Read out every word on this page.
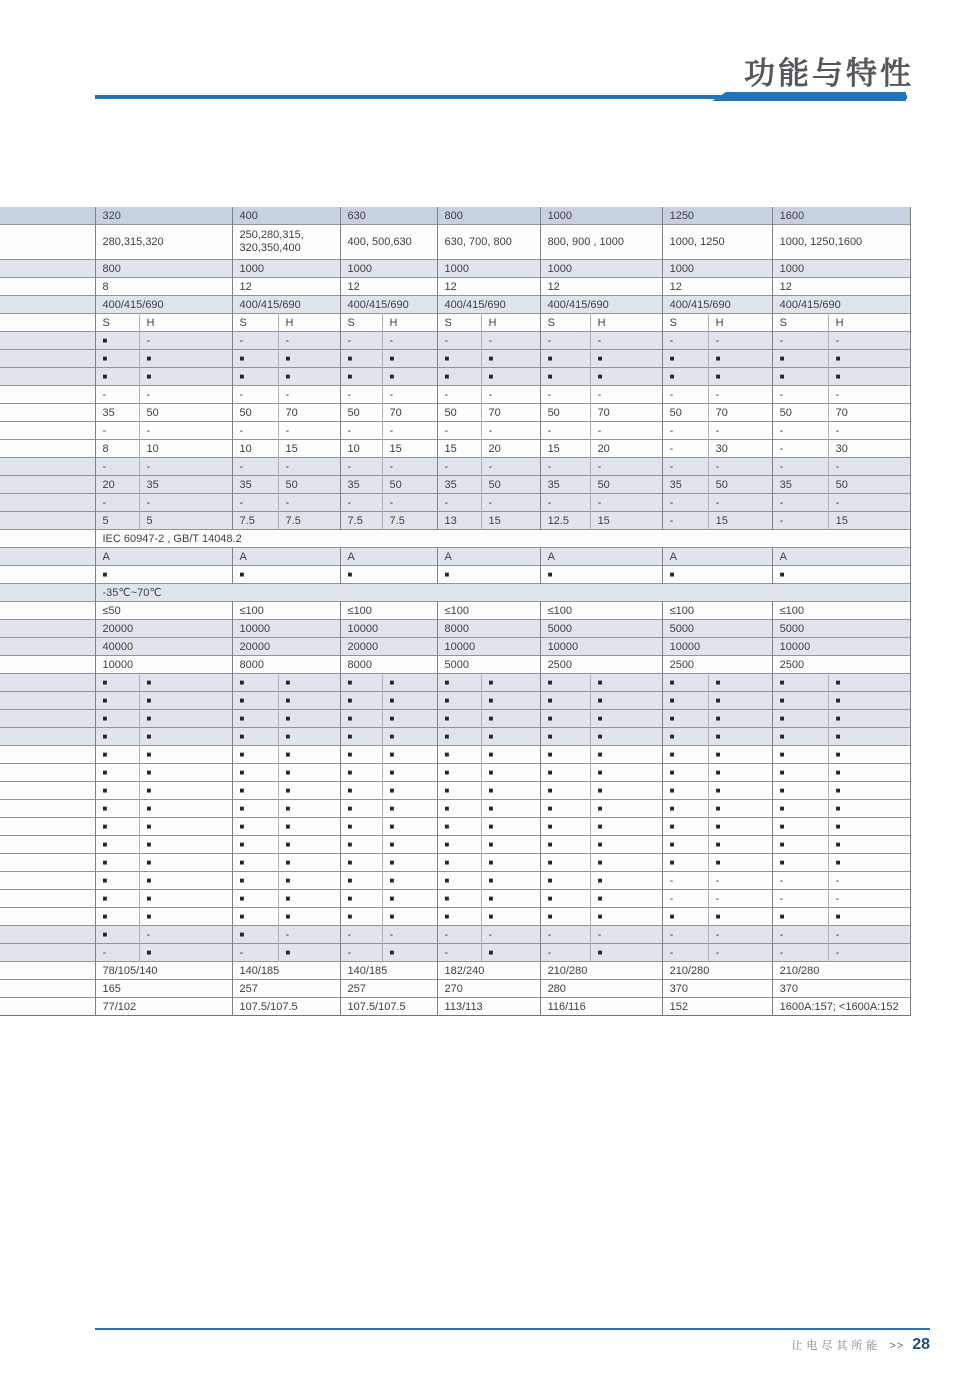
功能与特性
	320		400		630		800		1000		1250		1600	
	280,315,320		250,280,315, 320,350,400		400, 500,630		630, 700, 800		800, 900 , 1000		1000, 1250		1000, 1250,1600	
	800		1000		1000		1000		1000		1000		1000	
	8		12		12		12		12		12		12	
	400/415/690		400/415/690		400/415/690		400/415/690		400/415/690		400/415/690		400/415/690	
	S	H	S	H	S	H	S	H	S	H	S	H	S	H
	■	-	-	-	-	-	-	-	-	-	-	-	-	-
	■	■	■	■	■	■	■	■	■	■	■	■	■	■
	■	■	■	■	■	■	■	■	■	■	■	■	■	■
	-	-	-	-	-	-	-	-	-	-	-	-	-	-
	35	50	50	70	50	70	50	70	50	70	50	70	50	70
	-	-	-	-	-	-	-	-	-	-	-	-	-	-
	8	10	10	15	10	15	15	20	15	20	-	30	-	30
	-	-	-	-	-	-	-	-	-	-	-	-	-	-
	20	35	35	50	35	50	35	50	35	50	35	50	35	50
	-	-	-	-	-	-	-	-	-	-	-	-	-	-
	5	5	7.5	7.5	7.5	7.5	13	15	12.5	15	-	15	-	15
	IEC 60947-2 , GB/T 14048.2													
	A		A		A		A		A		A		A	
	■		■		■		■		■		■		■	
	-35℃~70℃													
	≤50		≤100		≤100		≤100		≤100		≤100		≤100	
	20000		10000		10000		8000		5000		5000		5000	
	40000		20000		20000		10000		10000		10000		10000	
	10000		8000		8000		5000		2500		2500		2500	
	■	■	■	■	■	■	■	■	■	■	■	■	■	■
	■	■	■	■	■	■	■	■	■	■	■	■	■	■
	■	■	■	■	■	■	■	■	■	■	■	■	■	■
	■	■	■	■	■	■	■	■	■	■	■	■	■	■
	■	■	■	■	■	■	■	■	■	■	■	■	■	■
	■	■	■	■	■	■	■	■	■	■	■	■	■	■
	■	■	■	■	■	■	■	■	■	■	■	■	■	■
	■	■	■	■	■	■	■	■	■	■	■	■	■	■
	■	■	■	■	■	■	■	■	■	■	■	■	■	■
	■	■	■	■	■	■	■	■	■	■	■	■	■	■
	■	■	■	■	■	■	■	■	■	■	■	■	■	■
	■	■	■	■	■	■	■	■	■	■	-	-	-	-
	■	■	■	■	■	■	■	■	■	■	-	-	-	-
	■	■	■	■	■	■	■	■	■	■	■	■	■	■
	■	-	■	-	-	-	-	-	-	-	-	-	-	-
	-	■	-	■	-	■	-	■	-	■	-	-	-	-
	78/105/140		140/185		140/185		182/240		210/280		210/280		210/280	
	165		257		257		270		280		370		370	
	77/102		107.5/107.5		107.5/107.5		113/113		116/116		152		1600A:157; <1600A:152	
让电尽其所能 >> 28
